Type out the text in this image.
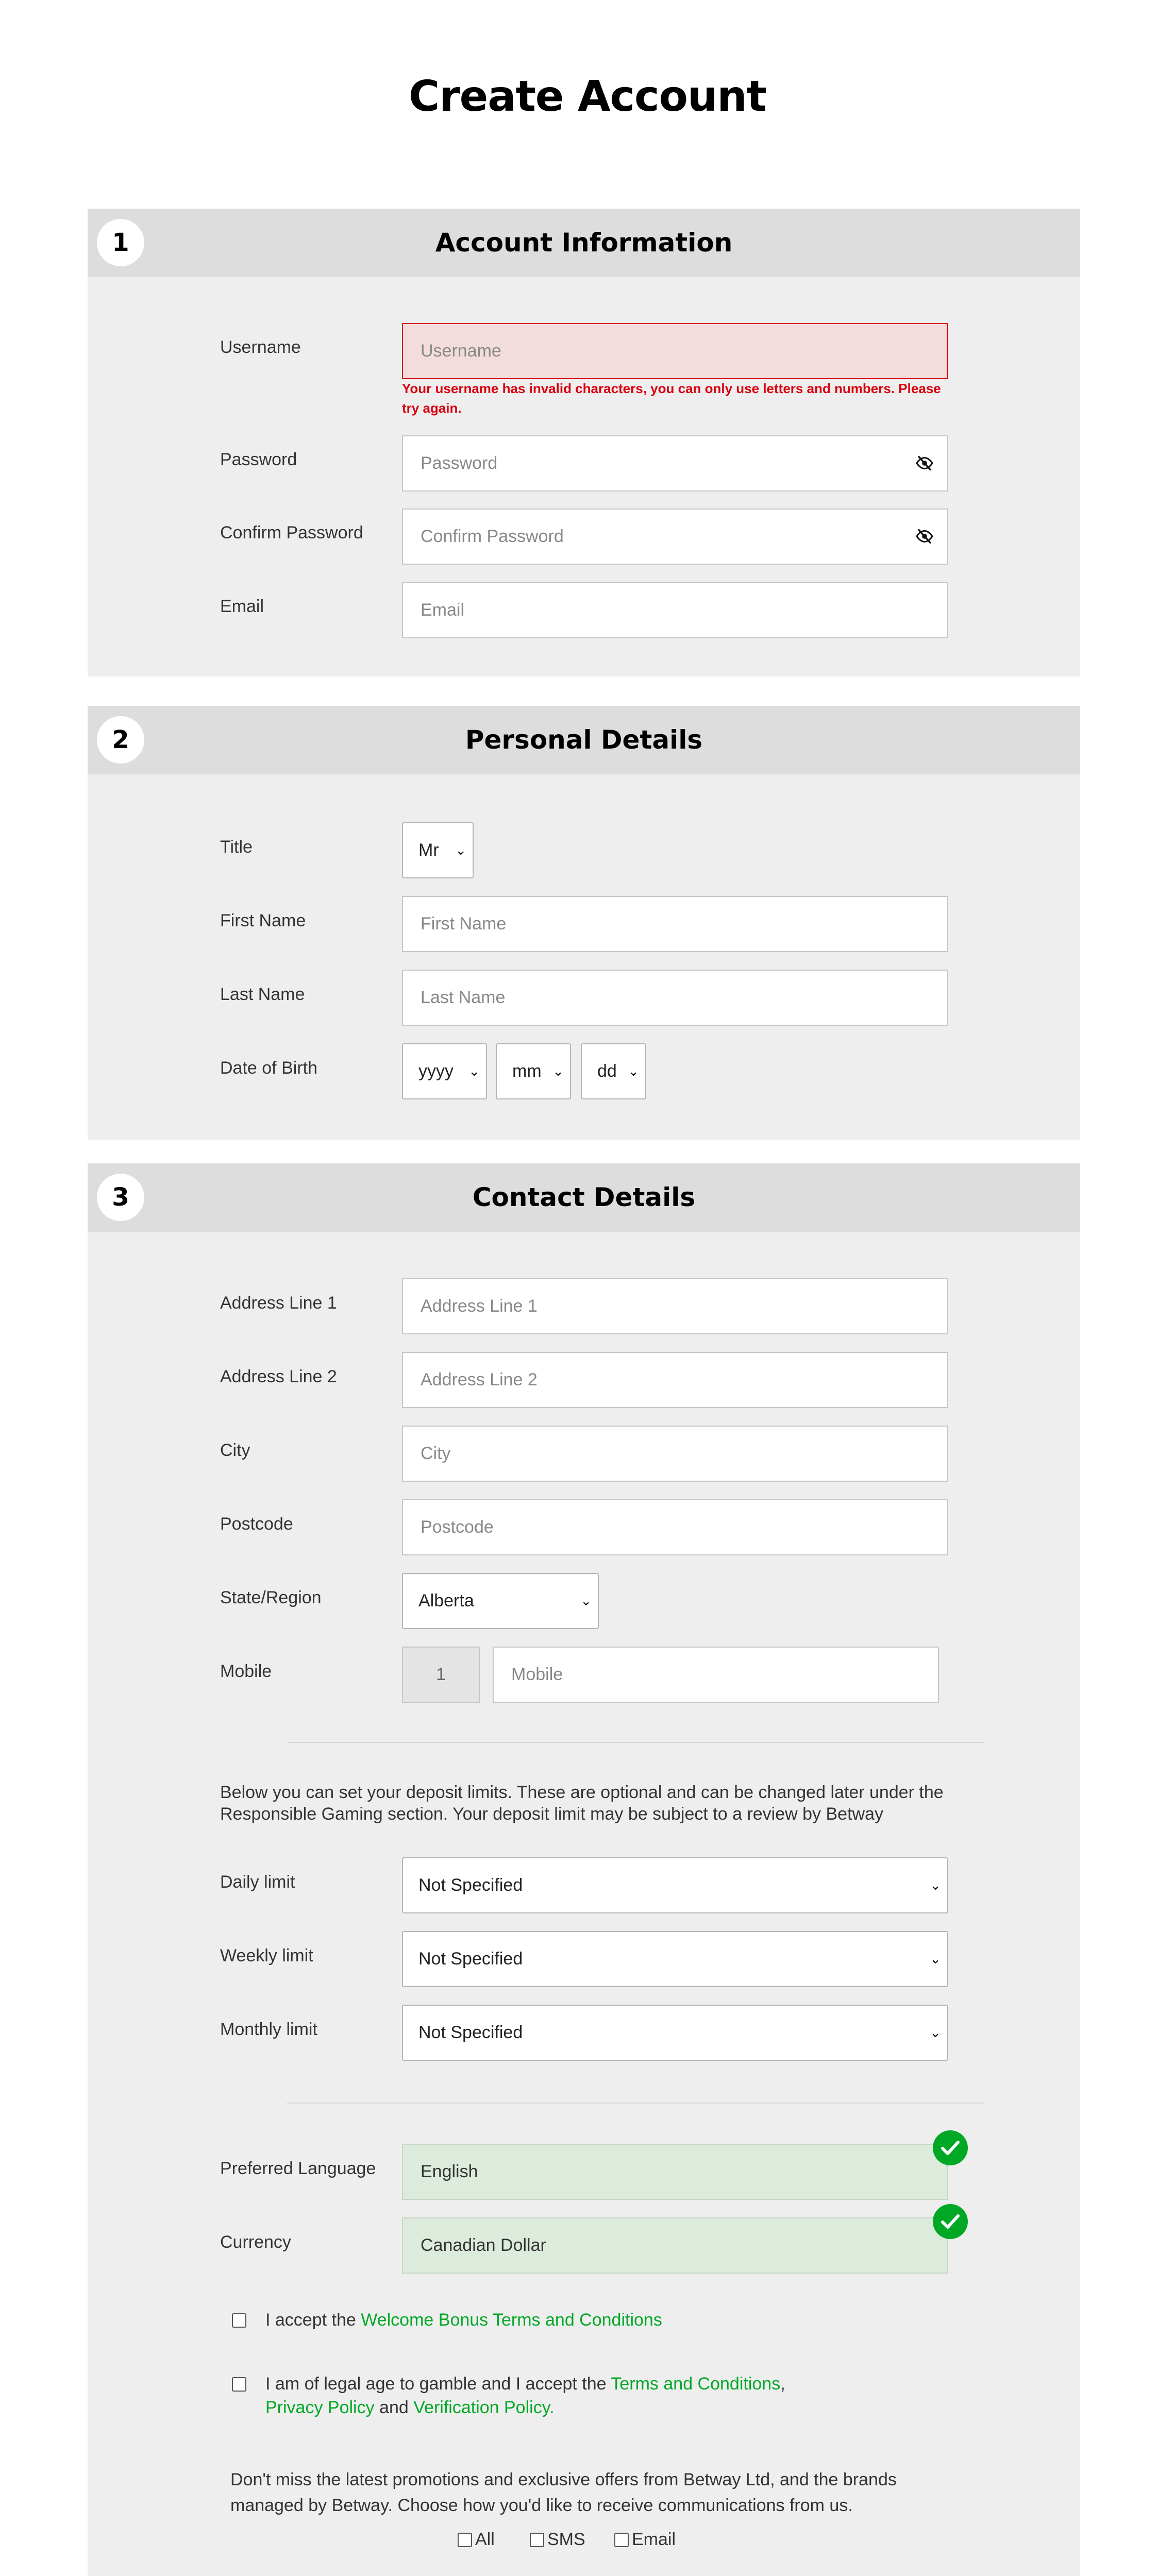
Create Account
1	Account Information
Username	Username
Your username has invalid characters, you can only use letters and numbers. Please try again.
Password	Password
Confirm Password	Confirm Password
Email	Email
2	Personal Details
Title	Mr ⌄
First Name	First Name
Last Name	Last Name
Date of Birth	yyyy ⌄	mm ⌄	dd ⌄
3	Contact Details
Address Line 1	Address Line 1
Address Line 2	Address Line 2
City	City
Postcode	Postcode
State/Region	Alberta	⌄
Mobile	1	Mobile
Below you can set your deposit limits. These are optional and can be changed later under the Responsible Gaming section. Your deposit limit may be subject to a review by Betway
Daily limit	Not Specified	⌄
Weekly limit	Not Specified	⌄
Monthly limit	Not Specified	⌄
Preferred Language	English
Currency	Canadian Dollar
I accept the Welcome Bonus Terms and Conditions
I am of legal age to gamble and I accept the Terms and Conditions, Privacy Policy and Verification Policy.
Don't miss the latest promotions and exclusive offers from Betway Ltd, and the brands managed by Betway. Choose how you'd like to receive communications from us.
All	SMS	Email
